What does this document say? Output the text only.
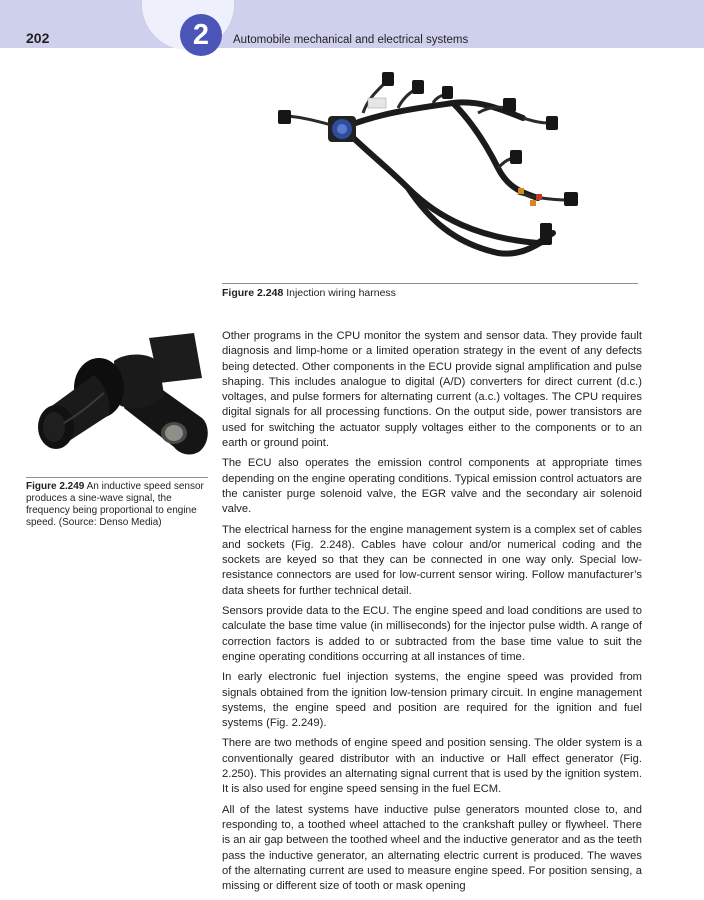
202	2	Automobile mechanical and electrical systems
Figure 2.248 Injection wiring harness
Figure 2.249 An inductive speed sensor produces a sine-wave signal, the frequency being proportional to engine speed. (Source: Denso Media)

Other programs in the CPU monitor the system and sensor data. They provide fault diagnosis and limp-home or a limited operation strategy in the event of any defects being detected. Other components in the ECU provide signal amplification and pulse shaping. This includes analogue to digital (A/D) converters for direct current (d.c.) voltages, and pulse formers for alternating current (a.c.) voltages. The CPU requires digital signals for all processing functions. On the output side, power transistors are used for switching the actuator supply voltages either to the components or to an earth or ground point.

The ECU also operates the emission control components at appropriate times depending on the engine operating conditions. Typical emission control actuators are the canister purge solenoid valve, the EGR valve and the secondary air solenoid valve.

The electrical harness for the engine management system is a complex set of cables and sockets (Fig. 2.248). Cables have colour and/or numerical coding and the sockets are keyed so that they can be connected in one way only. Special low-resistance connectors are used for low-current sensor wiring. Follow manufacturer’s data sheets for further technical detail.

Sensors provide data to the ECU. The engine speed and load conditions are used to calculate the base time value (in milliseconds) for the injector pulse width. A range of correction factors is added to or subtracted from the base time value to suit the engine operating conditions occurring at all instances of time.

In early electronic fuel injection systems, the engine speed was provided from signals obtained from the ignition low-tension primary circuit. In engine management systems, the engine speed and position are required for the ignition and fuel systems (Fig. 2.249).

There are two methods of engine speed and position sensing. The older system is a conventionally geared distributor with an inductive or Hall effect generator (Fig. 2.250). This provides an alternating signal current that is used by the ignition system. It is also used for engine speed sensing in the fuel ECM.

All of the latest systems have inductive pulse generators mounted close to, and responding to, a toothed wheel attached to the crankshaft pulley or flywheel. There is an air gap between the toothed wheel and the inductive generator and as the teeth pass the inductive generator, an alternating electric current is produced. The waves of the alternating current are used to measure engine speed. For position sensing, a missing or different size of tooth or mask opening
